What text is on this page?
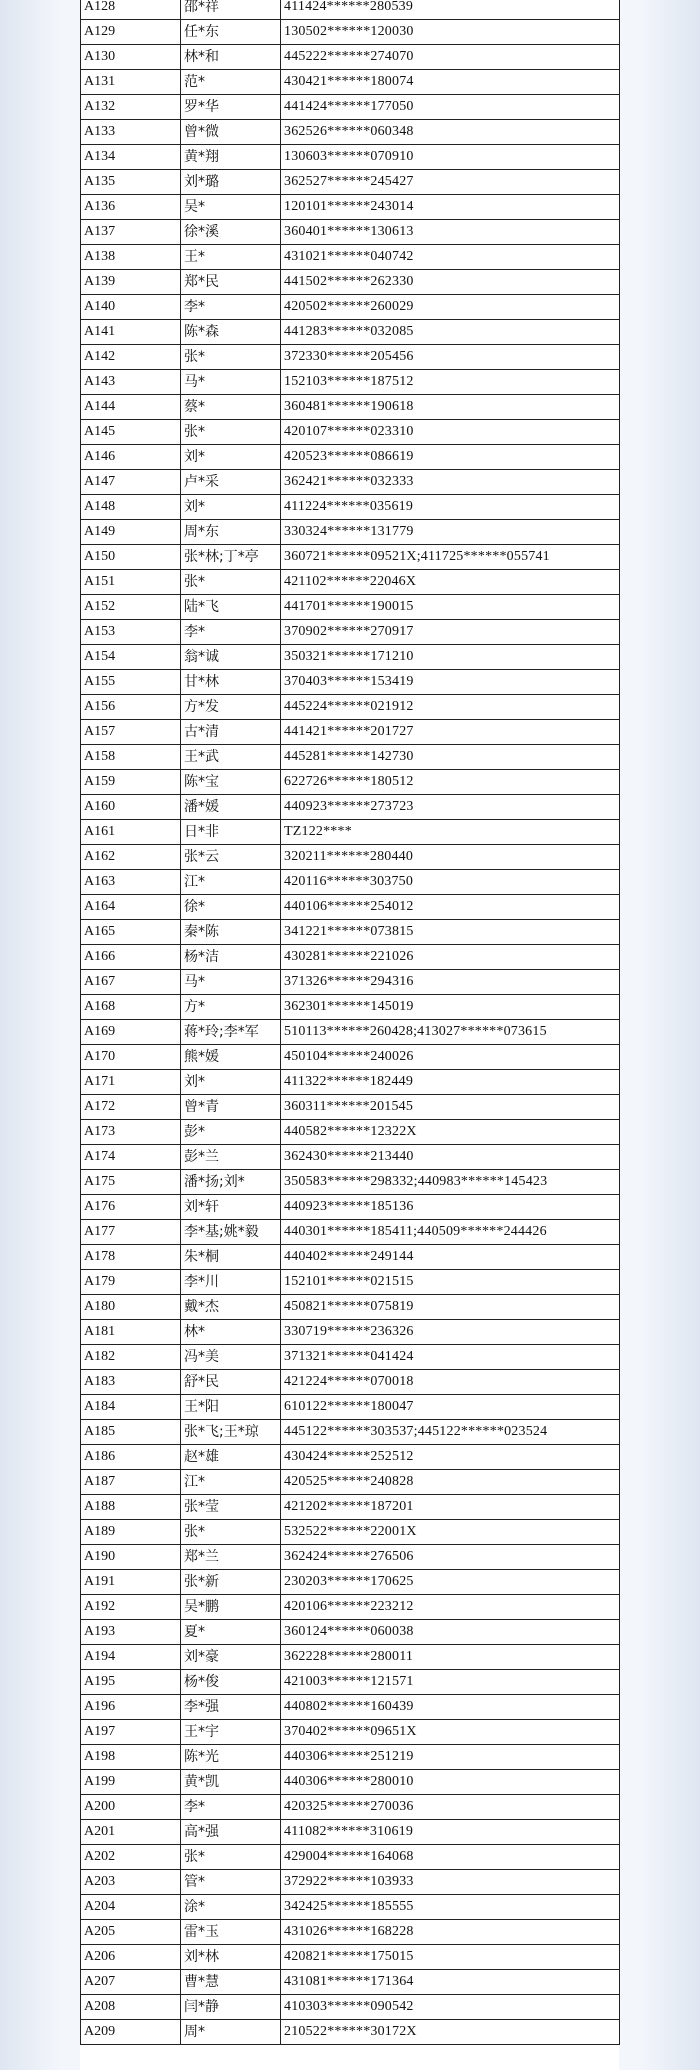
A128	邵*祥	411424******280539
A129	任*东	130502******120030
A130	林*和	445222******274070
A131	范*	430421******180074
A132	罗*华	441424******177050
A133	曾*微	362526******060348
A134	黄*翔	130603******070910
A135	刘*璐	362527******245427
A136	吴*	120101******243014
A137	徐*溪	360401******130613
A138	王*	431021******040742
A139	郑*民	441502******262330
A140	李*	420502******260029
A141	陈*森	441283******032085
A142	张*	372330******205456
A143	马*	152103******187512
A144	蔡*	360481******190618
A145	张*	420107******023310
A146	刘*	420523******086619
A147	卢*采	362421******032333
A148	刘*	411224******035619
A149	周*东	330324******131779
A150	张*林;丁*亭	360721******09521X;411725******055741
A151	张*	421102******22046X
A152	陆*飞	441701******190015
A153	李*	370902******270917
A154	翁*诚	350321******171210
A155	甘*林	370403******153419
A156	方*发	445224******021912
A157	古*清	441421******201727
A158	王*武	445281******142730
A159	陈*宝	622726******180512
A160	潘*媛	440923******273723
A161	日*非	TZ122****
A162	张*云	320211******280440
A163	江*	420116******303750
A164	徐*	440106******254012
A165	秦*陈	341221******073815
A166	杨*洁	430281******221026
A167	马*	371326******294316
A168	方*	362301******145019
A169	蒋*玲;李*军	510113******260428;413027******073615
A170	熊*媛	450104******240026
A171	刘*	411322******182449
A172	曾*青	360311******201545
A173	彭*	440582******12322X
A174	彭*兰	362430******213440
A175	潘*扬;刘*	350583******298332;440983******145423
A176	刘*轩	440923******185136
A177	李*基;姚*毅	440301******185411;440509******244426
A178	朱*桐	440402******249144
A179	李*川	152101******021515
A180	戴*杰	450821******075819
A181	林*	330719******236326
A182	冯*美	371321******041424
A183	舒*民	421224******070018
A184	王*阳	610122******180047
A185	张*飞;王*琼	445122******303537;445122******023524
A186	赵*雄	430424******252512
A187	江*	420525******240828
A188	张*莹	421202******187201
A189	张*	532522******22001X
A190	郑*兰	362424******276506
A191	张*新	230203******170625
A192	吴*鹏	420106******223212
A193	夏*	360124******060038
A194	刘*豪	362228******280011
A195	杨*俊	421003******121571
A196	李*强	440802******160439
A197	王*宇	370402******09651X
A198	陈*光	440306******251219
A199	黄*凯	440306******280010
A200	李*	420325******270036
A201	高*强	411082******310619
A202	张*	429004******164068
A203	管*	372922******103933
A204	涂*	342425******185555
A205	雷*玉	431026******168228
A206	刘*林	420821******175015
A207	曹*慧	431081******171364
A208	闫*静	410303******090542
A209	周*	210522******30172X
